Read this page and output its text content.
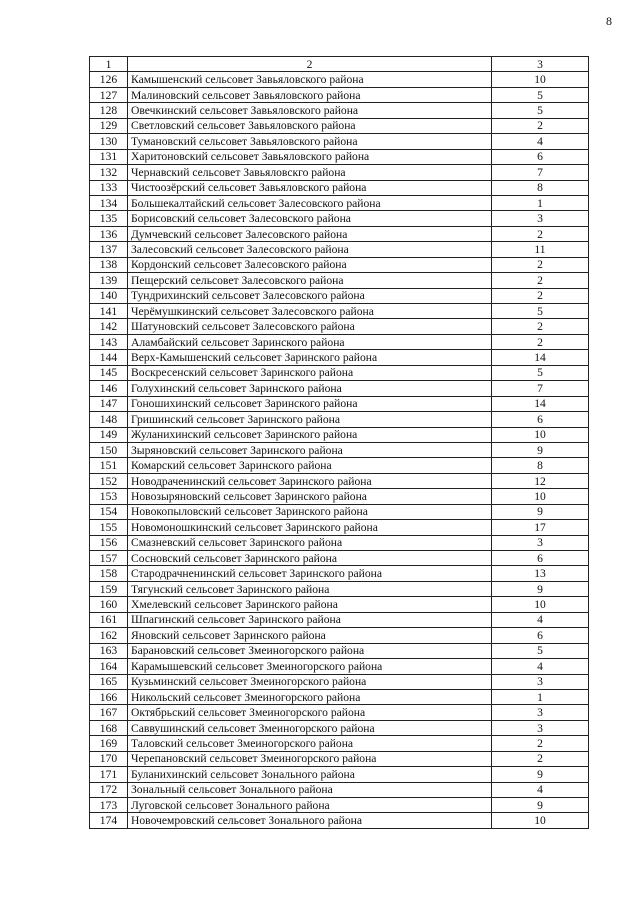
8
1	2	3
126	Камышенский сельсовет Завьяловского района	10
127	Малиновский сельсовет Завьяловского района	5
128	Овечкинский сельсовет Завьяловского района	5
129	Светловский сельсовет Завьяловского района	2
130	Тумановский сельсовет Завьяловского района	4
131	Харитоновский сельсовет Завьяловского района	6
132	Чернавский сельсовет Завьяловскго района	7
133	Чистоозёрский сельсовет Завьяловского района	8
134	Большекалтайский сельсовет Залесовского района	1
135	Борисовский сельсовет Залесовского района	3
136	Думчевский сельсовет Залесовского района	2
137	Залесовский сельсовет Залесовского района	11
138	Кордонский сельсовет Залесовского района	2
139	Пещерский сельсовет Залесовского района	2
140	Тундрихинский сельсовет Залесовского района	2
141	Черёмушкинский сельсовет Залесовского района	5
142	Шатуновский сельсовет Залесовского района	2
143	Аламбайский сельсовет Заринского района	2
144	Верх-Камышенский сельсовет Заринского района	14
145	Воскресенский сельсовет Заринского района	5
146	Голухинский сельсовет Заринского района	7
147	Гоношихинский сельсовет Заринского района	14
148	Гришинский сельсовет Заринского района	6
149	Жуланихинский сельсовет Заринского района	10
150	Зыряновский сельсовет Заринского района	9
151	Комарский сельсовет Заринского района	8
152	Новодраченинский сельсовет Заринского района	12
153	Новозыряновский сельсовет Заринского района	10
154	Новокопыловский сельсовет Заринского района	9
155	Новомоношкинский сельсовет Заринского района	17
156	Смазневский сельсовет Заринского района	3
157	Сосновский сельсовет Заринского района	6
158	Стародрачненинский сельсовет Заринского района	13
159	Тягунский сельсовет Заринского района	9
160	Хмелевский сельсовет Заринского района	10
161	Шпагинский сельсовет Заринского района	4
162	Яновский сельсовет Заринского района	6
163	Барановский сельсовет Змеиногорского района	5
164	Карамышевский сельсовет Змеиногорского района	4
165	Кузьминский сельсовет Змеиногорского района	3
166	Никольский сельсовет Змеиногорского района	1
167	Октябрьский сельсовет Змеиногорского района	3
168	Саввушинский сельсовет Змеиногорского района	3
169	Таловский сельсовет Змеиногорского района	2
170	Черепановский сельсовет Змеиногорского района	2
171	Буланихинский сельсовет Зонального района	9
172	Зональный сельсовет Зонального района	4
173	Луговской сельсовет Зонального района	9
174	Новочемровский сельсовет Зонального района	10
